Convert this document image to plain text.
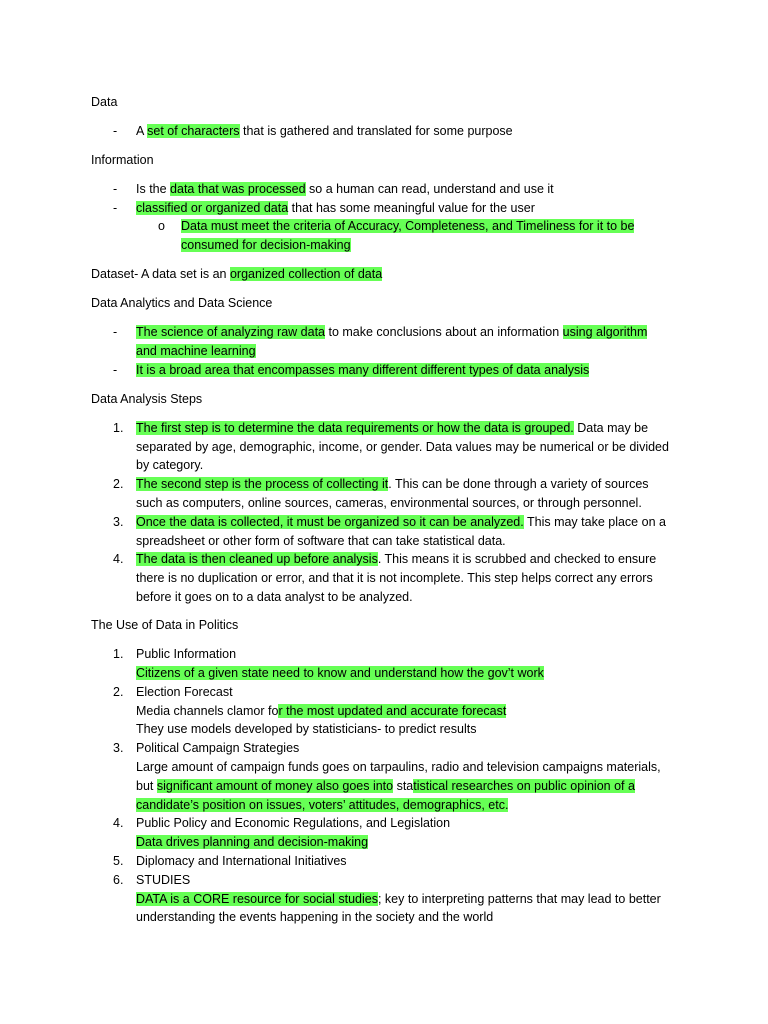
Data
- A set of characters that is gathered and translated for some purpose
Information
- Is the data that was processed so a human can read, understand and use it
- classified or organized data that has some meaningful value for the user
o Data must meet the criteria of Accuracy, Completeness, and Timeliness for it to be
consumed for decision-making
Dataset- A data set is an organized collection of data
Data Analytics and Data Science
- The science of analyzing raw data to make conclusions about an information using algorithm
and machine learning
- It is a broad area that encompasses many different different types of data analysis
Data Analysis Steps
1. The first step is to determine the data requirements or how the data is grouped. Data may be
separated by age, demographic, income, or gender. Data values may be numerical or be divided
by category.
2. The second step is the process of collecting it. This can be done through a variety of sources
such as computers, online sources, cameras, environmental sources, or through personnel.
3. Once the data is collected, it must be organized so it can be analyzed. This may take place on a
spreadsheet or other form of software that can take statistical data.
4. The data is then cleaned up before analysis. This means it is scrubbed and checked to ensure
there is no duplication or error, and that it is not incomplete. This step helps correct any errors
before it goes on to a data analyst to be analyzed.
The Use of Data in Politics
1. Public Information
Citizens of a given state need to know and understand how the gov’t work
2. Election Forecast
Media channels clamor for the most updated and accurate forecast
They use models developed by statisticians- to predict results
3. Political Campaign Strategies
Large amount of campaign funds goes on tarpaulins, radio and television campaigns materials,
but significant amount of money also goes into statistical researches on public opinion of a
candidate’s position on issues, voters’ attitudes, demographics, etc.
4. Public Policy and Economic Regulations, and Legislation
Data drives planning and decision-making
5. Diplomacy and International Initiatives
6. STUDIES
DATA is a CORE resource for social studies; key to interpreting patterns that may lead to better
understanding the events happening in the society and the world
